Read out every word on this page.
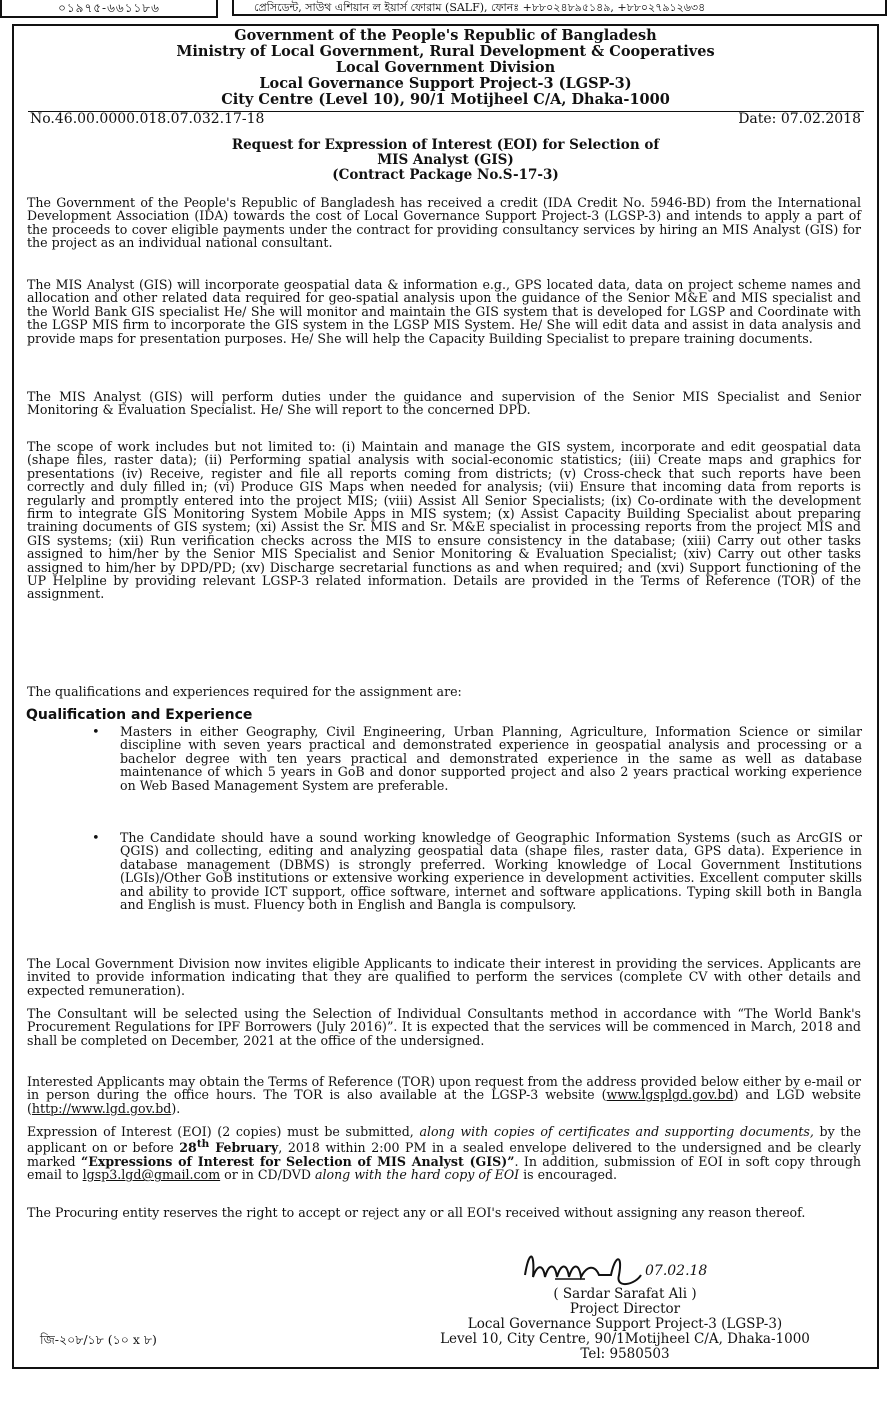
০১৯৭৫-৬৬১১৮৬	প্রেসিডেন্ট, সাউথ এশিয়ান ল ইয়ার্স ফোরাম (SALF), ফোনঃ +৮৮০২৪৮৯৫১৪৯, +৮৮০২৭৯১২৬৩৪
Government of the People's Republic of Bangladesh
Ministry of Local Government, Rural Development & Cooperatives
Local Government Division
Local Governance Support Project-3 (LGSP-3)
City Centre (Level 10), 90/1 Motijheel C/A, Dhaka-1000
No.46.00.0000.018.07.032.17-18	Date: 07.02.2018
Request for Expression of Interest (EOI) for Selection of
MIS Analyst (GIS)
(Contract Package No.S-17-3)

The Government of the People's Republic of Bangladesh has received a credit (IDA Credit No. 5946-BD) from the International Development Association (IDA) towards the cost of Local Governance Support Project-3 (LGSP-3) and intends to apply a part of the proceeds to cover eligible payments under the contract for providing consultancy services by hiring an MIS Analyst (GIS) for the project as an individual national consultant.

The MIS Analyst (GIS) will incorporate geospatial data & information e.g., GPS located data, data on project scheme names and allocation and other related data required for geo-spatial analysis upon the guidance of the Senior M&E and MIS specialist and the World Bank GIS specialist He/ She will monitor and maintain the GIS system that is developed for LGSP and Coordinate with the LGSP MIS firm to incorporate the GIS system in the LGSP MIS System. He/ She will edit data and assist in data analysis and provide maps for presentation purposes. He/ She will help the Capacity Building Specialist to prepare training documents.

The MIS Analyst (GIS) will perform duties under the guidance and supervision of the Senior MIS Specialist and Senior Monitoring & Evaluation Specialist. He/ She will report to the concerned DPD.

The scope of work includes but not limited to: (i) Maintain and manage the GIS system, incorporate and edit geospatial data (shape files, raster data); (ii) Performing spatial analysis with social-economic statistics; (iii) Create maps and graphics for presentations (iv) Receive, register and file all reports coming from districts; (v) Cross-check that such reports have been correctly and duly filled in; (vi) Produce GIS Maps when needed for analysis; (vii) Ensure that incoming data from reports is regularly and promptly entered into the project MIS; (viii) Assist All Senior Specialists; (ix) Co-ordinate with the development firm to integrate GIS Monitoring System Mobile Apps in MIS system; (x) Assist Capacity Building Specialist about preparing training documents of GIS system; (xi) Assist the Sr. MIS and Sr. M&E specialist in processing reports from the project MIS and GIS systems; (xii) Run verification checks across the MIS to ensure consistency in the database; (xiii) Carry out other tasks assigned to him/her by the Senior MIS Specialist and Senior Monitoring & Evaluation Specialist; (xiv) Carry out other tasks assigned to him/her by DPD/PD; (xv) Discharge secretarial functions as and when required; and (xvi) Support functioning of the UP Helpline by providing relevant LGSP-3 related information. Details are provided in the Terms of Reference (TOR) of the assignment.

The qualifications and experiences required for the assignment are:

Qualification and Experience
• Masters in either Geography, Civil Engineering, Urban Planning, Agriculture, Information Science or similar discipline with seven years practical and demonstrated experience in geospatial analysis and processing or a bachelor degree with ten years practical and demonstrated experience in the same as well as database maintenance of which 5 years in GoB and donor supported project and also 2 years practical working experience on Web Based Management System are preferable.

• The Candidate should have a sound working knowledge of Geographic Information Systems (such as ArcGIS or QGIS) and collecting, editing and analyzing geospatial data (shape files, raster data, GPS data). Experience in database management (DBMS) is strongly preferred. Working knowledge of Local Government Institutions (LGIs)/Other GoB institutions or extensive working experience in development activities. Excellent computer skills and ability to provide ICT support, office software, internet and software applications. Typing skill both in Bangla and English is must. Fluency both in English and Bangla is compulsory.

The Local Government Division now invites eligible Applicants to indicate their interest in providing the services. Applicants are invited to provide information indicating that they are qualified to perform the services (complete CV with other details and expected remuneration).

The Consultant will be selected using the Selection of Individual Consultants method in accordance with “The World Bank's Procurement Regulations for IPF Borrowers (July 2016)”. It is expected that the services will be commenced in March, 2018 and shall be completed on December, 2021 at the office of the undersigned.

Interested Applicants may obtain the Terms of Reference (TOR) upon request from the address provided below either by e-mail or in person during the office hours. The TOR is also available at the LGSP-3 website (www.lgsplgd.gov.bd) and LGD website (http://www.lgd.gov.bd).

Expression of Interest (EOI) (2 copies) must be submitted, along with copies of certificates and supporting documents, by the applicant on or before 28th February, 2018 within 2:00 PM in a sealed envelope delivered to the undersigned and be clearly marked “Expressions of Interest for Selection of MIS Analyst (GIS)”. In addition, submission of EOI in soft copy through email to lgsp3.lgd@gmail.com or in CD/DVD along with the hard copy of EOI is encouraged.

The Procuring entity reserves the right to accept or reject any or all EOI's received without assigning any reason thereof.

07.02.18
( Sardar Sarafat Ali )
Project Director
Local Governance Support Project-3 (LGSP-3)
Level 10, City Centre, 90/1Motijheel C/A, Dhaka-1000
Tel: 9580503
জি-২০৮/১৮ (১০ x ৮)
